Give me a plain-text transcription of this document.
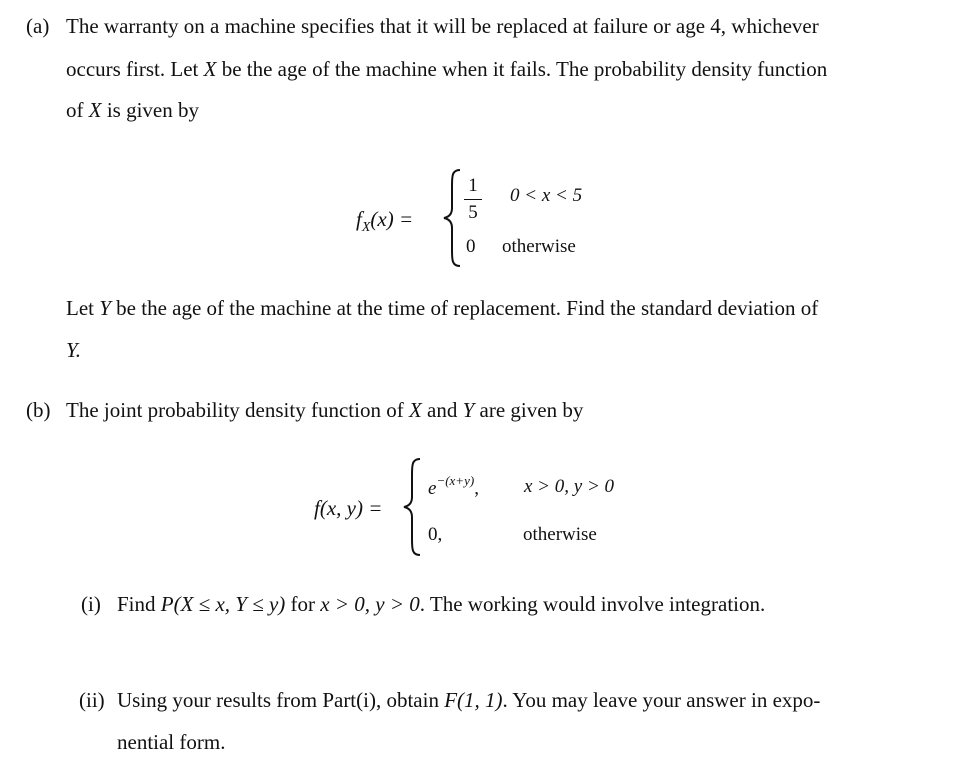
(a) The warranty on a machine specifies that it will be replaced at failure or age 4, whichever
occurs first. Let X be the age of the machine when it fails. The probability density function
of X is given by
$f_X(x)$ =
1
5
0 < x < 5
0 otherwise
Let Y be the age of the machine at the time of replacement. Find the standard deviation of
Y.
(b) The joint probability density function of X and Y are given by
f(x, y) =
$e^{-(x+y)}$, x > 0, y > 0
0,	otherwise
(i) Find P(X ≤ x, Y ≤ y) for x > 0, y > 0. The working would involve integration.
(ii) Using your results from Part(i), obtain F(1, 1). You may leave your answer in expo-
nential form.
